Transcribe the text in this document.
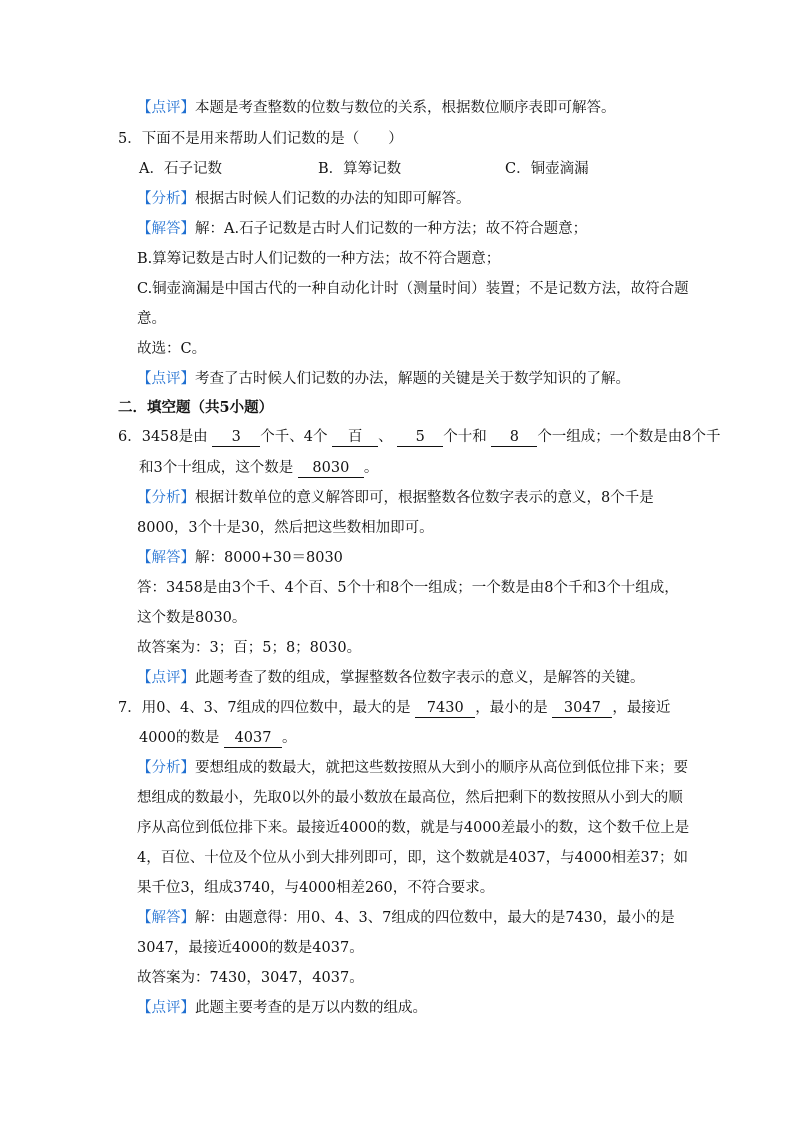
【点评】本题是考查整数的位数与数位的关系，根据数位顺序表即可解答。
5．下面不是用来帮助人们记数的是（　　）
A．石子记数	B．算筹记数	C．铜壶滴漏
【分析】根据古时候人们记数的办法的知即可解答。
【解答】解：A.石子记数是古时人们记数的一种方法；故不符合题意；
B.算筹记数是古时人们记数的一种方法；故不符合题意；
C.铜壶滴漏是中国古代的一种自动化计时（测量时间）装置；不是记数方法，故符合题
意。
故选：C。
【点评】考查了古时候人们记数的办法，解题的关键是关于数学知识的了解。
二．填空题（共5小题）
6．3458是由 3 个千、4个 百 、 5 个十和 8 个一组成；一个数是由8个千
和3个十组成，这个数是 8030 。
【分析】根据计数单位的意义解答即可，根据整数各位数字表示的意义，8个千是
8000，3个十是30，然后把这些数相加即可。
【解答】解：8000+30＝8030
答：3458是由3个千、4个百、5个十和8个一组成；一个数是由8个千和3个十组成，
这个数是8030。
故答案为：3；百；5；8；8030。
【点评】此题考查了数的组成，掌握整数各位数字表示的意义，是解答的关键。
7．用0、4、3、7组成的四位数中，最大的是 7430 ，最小的是 3047 ，最接近
4000的数是 4037 。
【分析】要想组成的数最大，就把这些数按照从大到小的顺序从高位到低位排下来；要
想组成的数最小，先取0以外的最小数放在最高位，然后把剩下的数按照从小到大的顺
序从高位到低位排下来。最接近4000的数，就是与4000差最小的数，这个数千位上是
4，百位、十位及个位从小到大排列即可，即，这个数就是4037，与4000相差37；如
果千位3，组成3740，与4000相差260，不符合要求。
【解答】解：由题意得：用0、4、3、7组成的四位数中，最大的是7430，最小的是
3047，最接近4000的数是4037。
故答案为：7430，3047，4037。
【点评】此题主要考查的是万以内数的组成。
